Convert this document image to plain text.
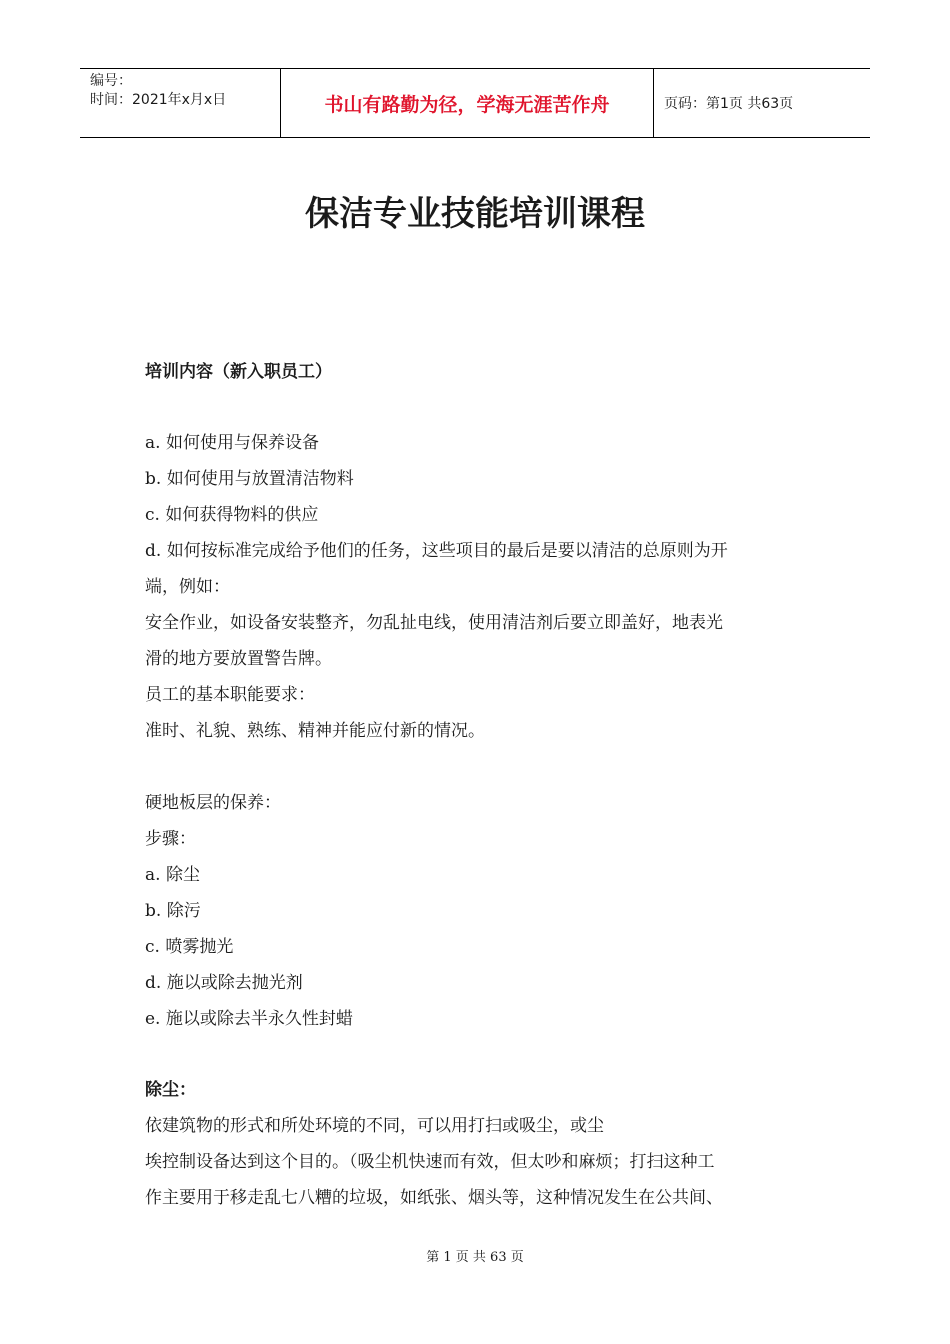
编号：
时间：2021年x月x日	书山有路勤为径，学海无涯苦作舟	页码：第1页 共63页
保洁专业技能培训课程
培训内容（新入职员工）
a. 如何使用与保养设备
b. 如何使用与放置清洁物料
c. 如何获得物料的供应
d. 如何按标准完成给予他们的任务，这些项目的最后是要以清洁的总原则为开
端，例如：
安全作业，如设备安装整齐，勿乱扯电线，使用清洁剂后要立即盖好，地表光
滑的地方要放置警告牌。
员工的基本职能要求：
准时、礼貌、熟练、精神并能应付新的情况。
硬地板层的保养：
步骤：
a. 除尘
b. 除污
c. 喷雾抛光
d. 施以或除去抛光剂
e. 施以或除去半永久性封蜡
除尘：
依建筑物的形式和所处环境的不同，可以用打扫或吸尘，或尘
埃控制设备达到这个目的。（吸尘机快速而有效，但太吵和麻烦；打扫这种工
作主要用于移走乱七八糟的垃圾，如纸张、烟头等，这种情况发生在公共间、
第 1 页 共 63 页
